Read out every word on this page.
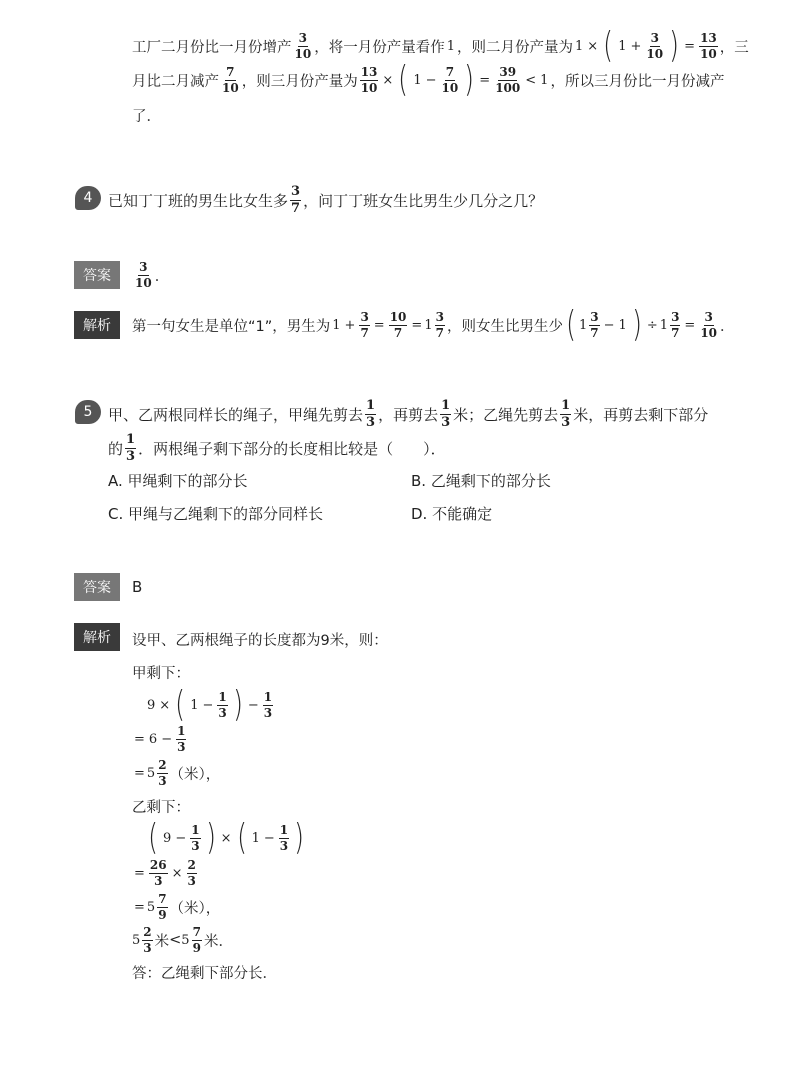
工厂二月份比一月份增产 $\frac{3}{10}$ ，将一月份产量看作 1 ，则二月份产量为 1 × ( $1 + \frac{3}{10}$ ) = $\frac{13}{10}$ ，三
月比二月减产 $\frac{7}{10}$ ，则三月份产量为 $\frac{13}{10}$ × ( $1 - \frac{7}{10}$ ) = $\frac{39}{100} < 1$ ，所以三月份比一月份减产
了．
4 已知丁丁班的男生比女生多 $\frac{3}{7}$ ，问丁丁班女生比男生少几分之几？
答案 $\frac{3}{10}$ ．
解析 第一句女生是单位“1”，男生为 $1 + \frac{3}{7} = \frac{10}{7} = 1 \frac{3}{7}$ ，则女生比男生少 ( $1 \frac{3}{7} - 1$ ) ÷ $1 \frac{3}{7} = \frac{3}{10}$ ．
5 甲、乙两根同样长的绳子，甲绳先剪去 $\frac{1}{3}$ ，再剪去 $\frac{1}{3}$ 米；乙绳先剪去 $\frac{1}{3}$ 米，再剪去剩下部分
的 $\frac{1}{3}$ ．两根绳子剩下部分的长度相比较是（　　）．
A. 甲绳剩下的部分长	B. 乙绳剩下的部分长
C. 甲绳与乙绳剩下的部分同样长	D. 不能确定
答案 B
解析 设甲、乙两根绳子的长度都为9米，则：
甲剩下：
9 × ( $1 - \frac{1}{3}$ ) − $\frac{1}{3}$
= $6 - \frac{1}{3}$
= $5 \frac{2}{3}$ （米），
乙剩下：
( $9 - \frac{1}{3}$ ) × ( $1 - \frac{1}{3}$ )
= $\frac{26}{3} \times \frac{2}{3}$
= $5 \frac{7}{9}$ （米），
$5 \frac{2}{3}$ 米 < $5 \frac{7}{9}$ 米 ．
答：乙绳剩下部分长．
